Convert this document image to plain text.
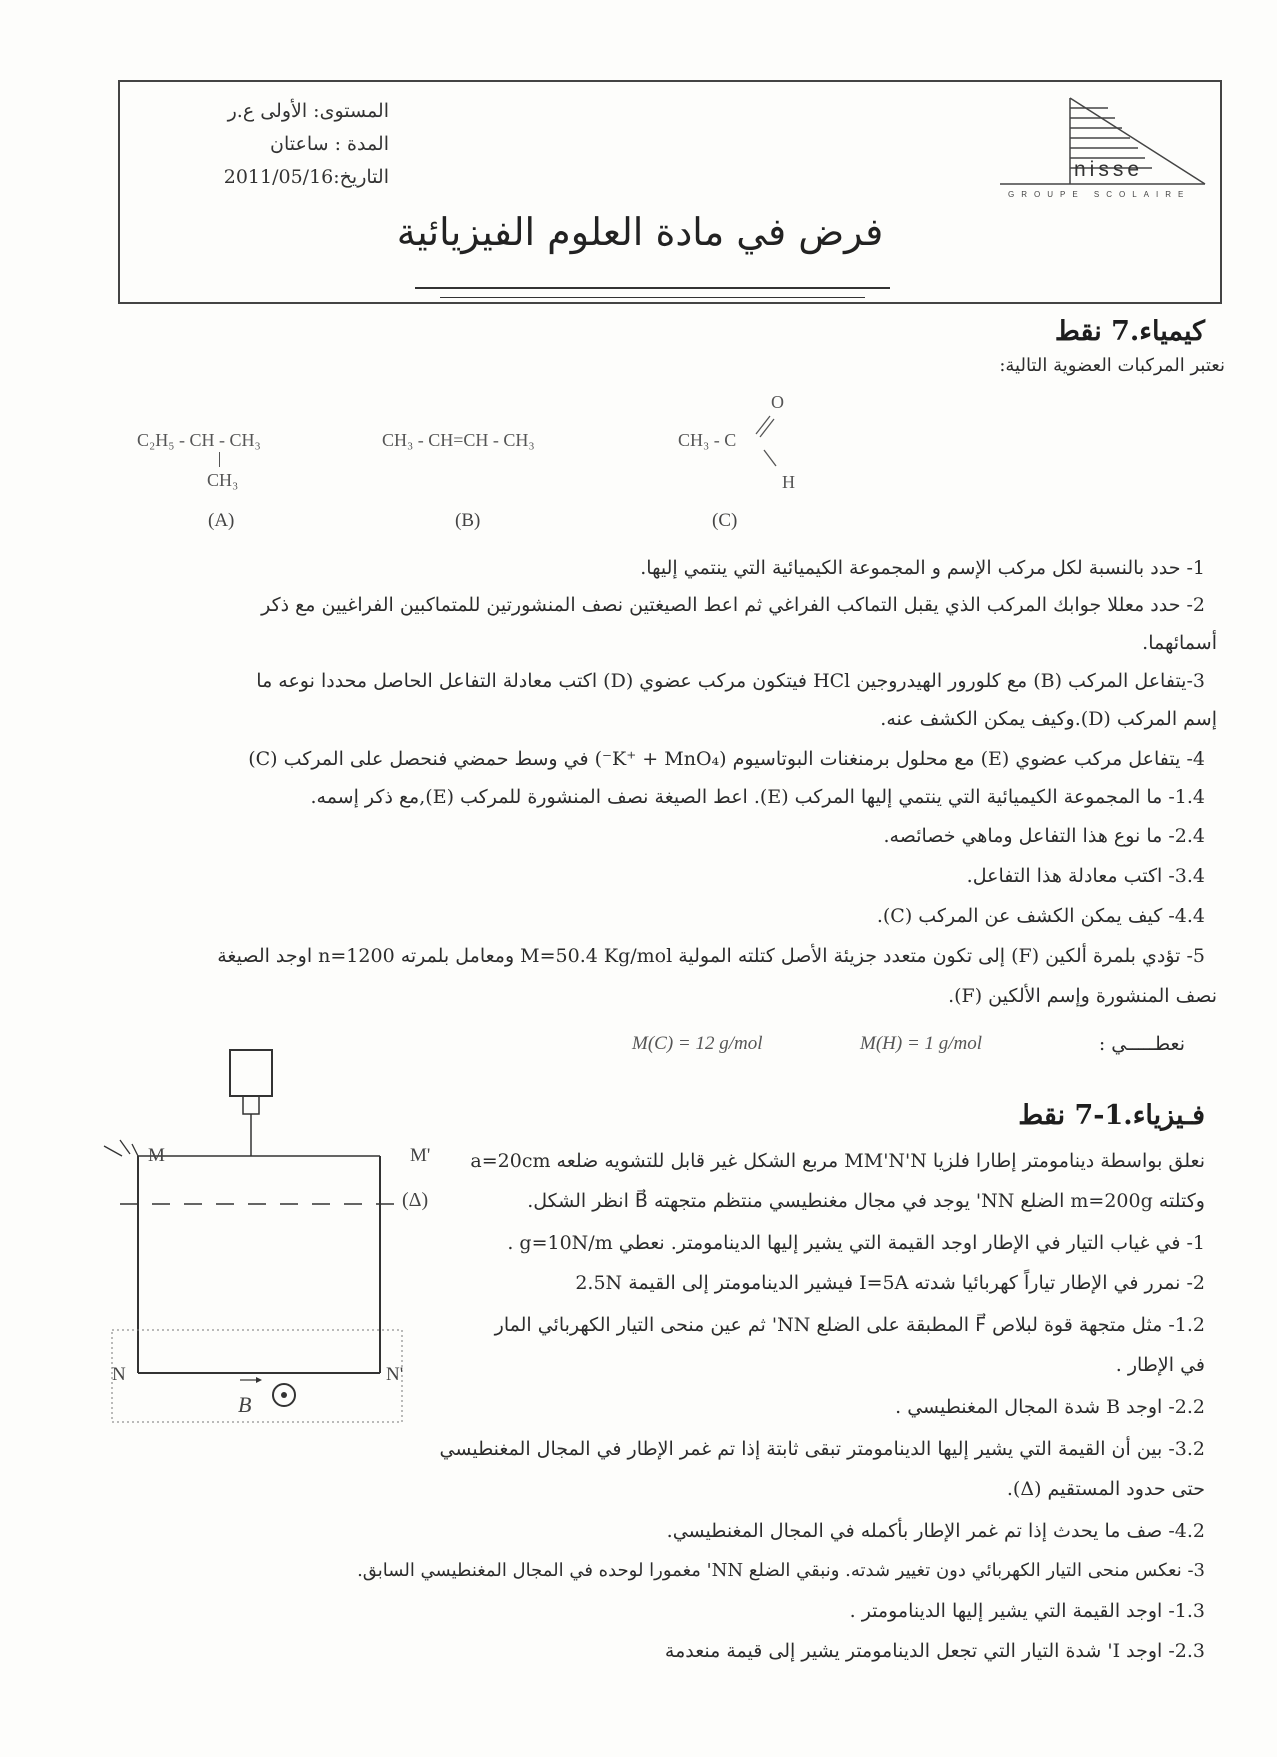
المستوى: الأولى ع.ر
المدة : ساعتان
التاريخ:2011/05/16	nisse
GROUPE SCOLAIRE
فرض في مادة العلوم الفيزيائية
كيمياء.7 نقط
نعتبر المركبات العضوية التالية:
C₂H₅ - CH - CH₃
CH₃
(A)
CH₃ - CH=CH - CH₃
(B)
O
CH₃ - C
H
(C)
1- حدد بالنسبة لكل مركب الإسم و المجموعة الكيميائية التي ينتمي إليها.
2- حدد معللا جوابك المركب الذي يقبل التماكب الفراغي ثم اعط الصيغتين نصف المنشورتين للمتماكبين الفراغيين مع ذكر
أسمائهما.
3-يتفاعل المركب (B) مع كلورور الهيدروجين HCl فيتكون مركب عضوي (D) اكتب معادلة التفاعل الحاصل محددا نوعه ما
إسم المركب (D).وكيف يمكن الكشف عنه.
4- يتفاعل مركب عضوي (E) مع محلول برمنغنات البوتاسيوم (K⁺ + MnO₄⁻) في وسط حمضي فنحصل على المركب (C)
1.4- ما المجموعة الكيميائية التي ينتمي إليها المركب (E). اعط الصيغة نصف المنشورة للمركب (E),مع ذكر إسمه.
2.4- ما نوع هذا التفاعل وماهي خصائصه.
3.4- اكتب معادلة هذا التفاعل.
4.4- كيف يمكن الكشف عن المركب (C).
5- تؤدي بلمرة ألكين (F) إلى تكون متعدد جزيئة الأصل كتلته المولية M=50.4 Kg/mol ومعامل بلمرته n=1200 اوجد الصيغة
نصف المنشورة وإسم الألكين (F).
نعطـــــي :
M(H) = 1 g/mol
M(C) = 12 g/mol
فـيزياء.1-7 نقط
نعلق بواسطة دينامومتر إطارا فلزيا MM'N'N مربع الشكل غير قابل للتشويه ضلعه a=20cm
وكتلته m=200g الضلع NN' يوجد في مجال مغنطيسي منتظم متجهته B⃗ انظر الشكل.
1- في غياب التيار في الإطار اوجد القيمة التي يشير إليها الدينامومتر. نعطي g=10N/m .
2- نمرر في الإطار تياراً كهربائيا شدته I=5A فيشير الدينامومتر إلى القيمة 2.5N
1.2- مثل متجهة قوة لبلاص F⃗ المطبقة على الضلع NN' ثم عين منحى التيار الكهربائي المار
في الإطار .
2.2- اوجد B شدة المجال المغنطيسي .
3.2- بين أن القيمة التي يشير إليها الدينامومتر تبقى ثابتة إذا تم غمر الإطار في المجال المغنطيسي
حتى حدود المستقيم (Δ).
4.2- صف ما يحدث إذا تم غمر الإطار بأكمله في المجال المغنطيسي.
3- نعكس منحى التيار الكهربائي دون تغيير شدته. ونبقي الضلع NN' مغمورا لوحده في المجال المغنطيسي السابق.
1.3- اوجد القيمة التي يشير إليها الدينامومتر .
2.3- اوجد I' شدة التيار التي تجعل الدينامومتر يشير إلى قيمة منعدمة
M	M'
N	N'
B
(Δ)
